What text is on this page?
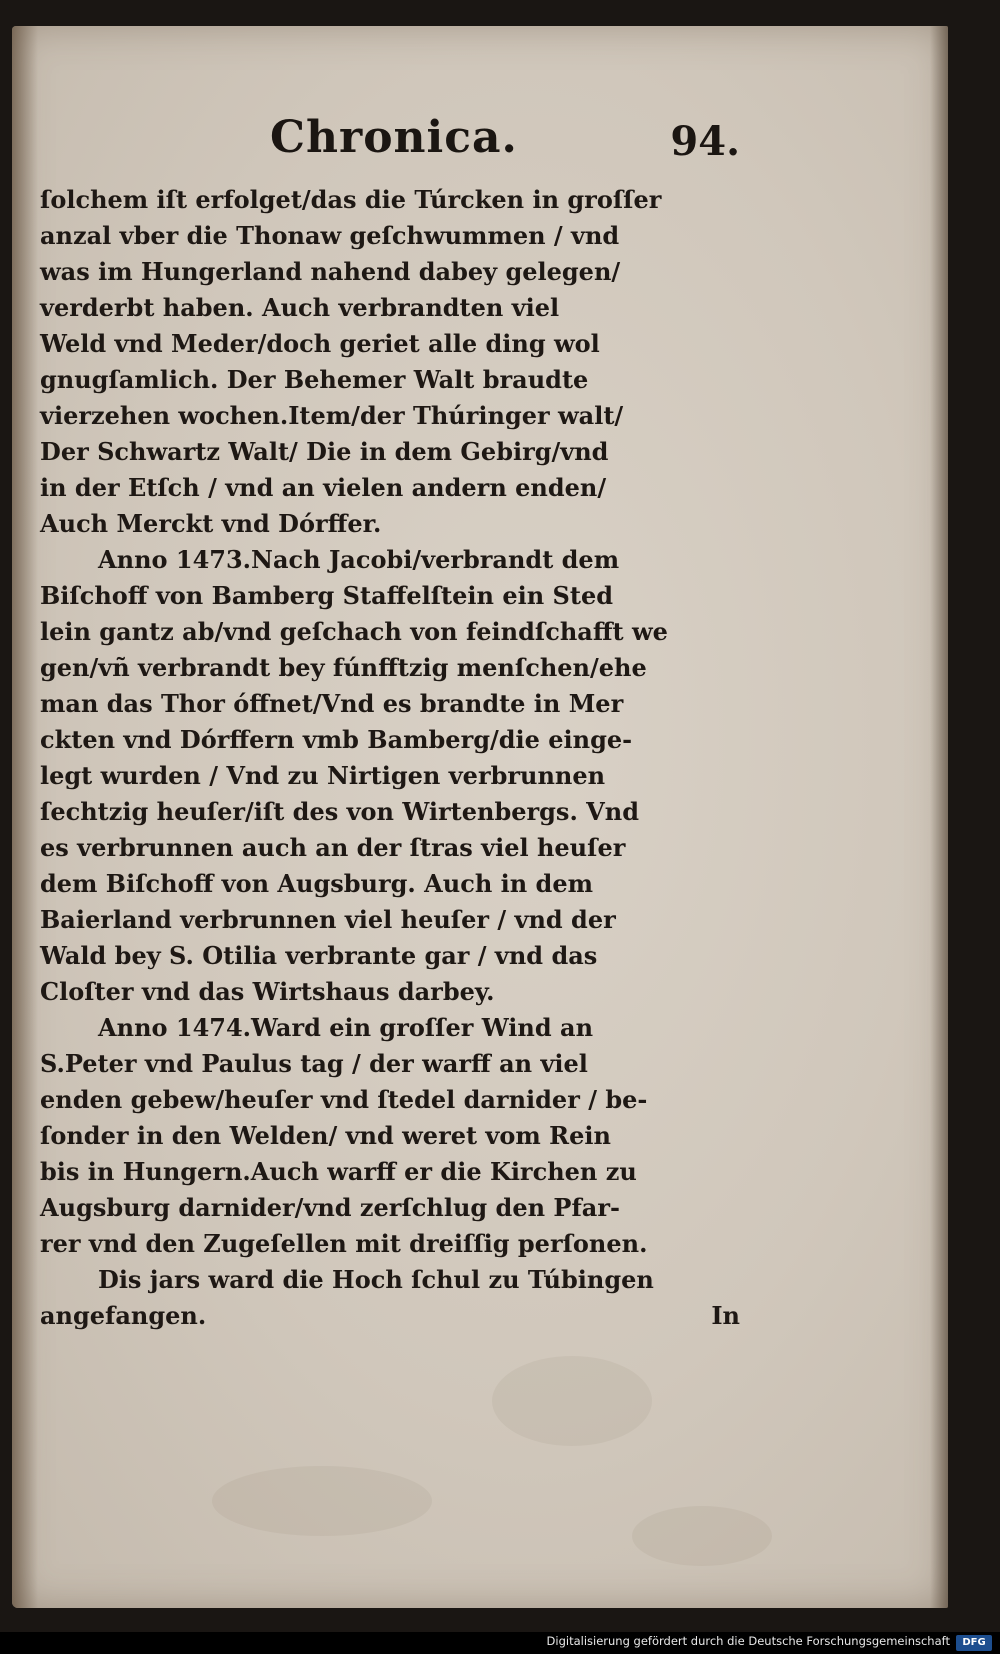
Chronica.	94.
ſolchem iſt erfolget/das die Túrcken in groſſer
anzal vber die Thonaw geſchwummen / vnd
was im Hungerland nahend dabey gelegen/
verderbt haben. Auch verbrandten viel
Weld vnd Meder/doch geriet alle ding wol
gnugſamlich. Der Behemer Walt braudte
vierzehen wochen.Item/der Thúringer walt/
Der Schwartz Walt/ Die in dem Gebirg/vnd
in der Etſch / vnd an vielen andern enden/
Auch Merckt vnd Dórffer.
Anno 1473.Nach Jacobi/verbrandt dem
Biſchoff von Bamberg Staffelſtein ein Sted
lein gantz ab/vnd geſchach von feindſchafft we
gen/vñ verbrandt bey fúnfftzig menſchen/ehe
man das Thor óffnet/Vnd es brandte in Mer
ckten vnd Dórffern vmb Bamberg/die einge-
legt wurden / Vnd zu Nirtigen verbrunnen
ſechtzig heuſer/iſt des von Wirtenbergs. Vnd
es verbrunnen auch an der ſtras viel heuſer
dem Biſchoff von Augsburg. Auch in dem
Baierland verbrunnen viel heuſer / vnd der
Wald bey S. Otilia verbrante gar / vnd das
Cloſter vnd das Wirtshaus darbey.
Anno 1474.Ward ein groſſer Wind an
S.Peter vnd Paulus tag / der warff an viel
enden gebew/heuſer vnd ſtedel darnider / be-
ſonder in den Welden/ vnd weret vom Rein
bis in Hungern.Auch warff er die Kirchen zu
Augsburg darnider/vnd zerſchlug den Pfar-
rer vnd den Zugeſellen mit dreiſſig perſonen.
Dis jars ward die Hoch ſchul zu Túbingen
angefangen.	In
Digitalisierung gefördert durch die Deutsche Forschungsgemeinschaft	DFG
